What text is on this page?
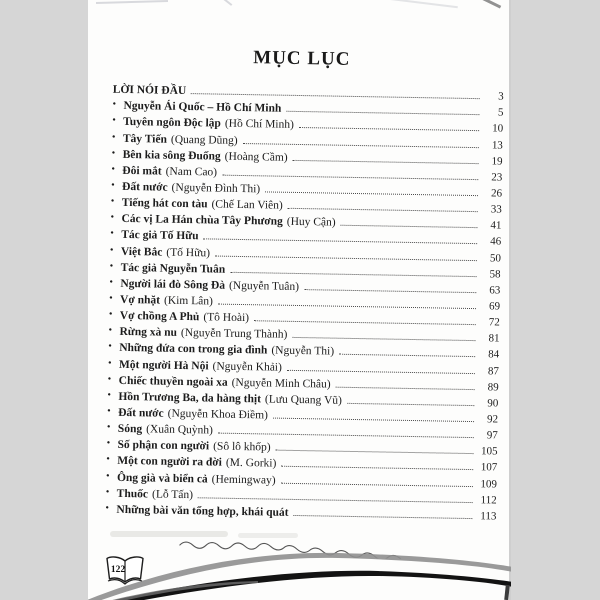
MỤC LỤC
LỜI NÓI ĐẦU	3
• Nguyễn Ái Quốc – Hồ Chí Minh	5
• Tuyên ngôn Độc lập (Hồ Chí Minh)	10
• Tây Tiến (Quang Dũng)	13
• Bên kia sông Đuống (Hoàng Cầm)	19
• Đôi mắt (Nam Cao)	23
• Đất nước (Nguyễn Đình Thi)	26
• Tiếng hát con tàu (Chế Lan Viên)	33
• Các vị La Hán chùa Tây Phương (Huy Cận)	41
• Tác giả Tố Hữu	46
• Việt Bắc (Tố Hữu)	50
• Tác giả Nguyễn Tuân	58
• Người lái đò Sông Đà (Nguyễn Tuân)	63
• Vợ nhặt (Kim Lân)	69
• Vợ chồng A Phủ (Tô Hoài)	72
• Rừng xà nu (Nguyễn Trung Thành)	81
• Những đứa con trong gia đình (Nguyễn Thi)	84
• Một người Hà Nội (Nguyễn Khải)	87
• Chiếc thuyền ngoài xa (Nguyễn Minh Châu)	89
• Hồn Trương Ba, da hàng thịt (Lưu Quang Vũ)	90
• Đất nước (Nguyễn Khoa Điềm)	92
• Sóng (Xuân Quỳnh)	97
• Số phận con người (Sô lô khốp)	105
• Một con người ra đời (M. Gorki)	107
• Ông già và biển cả (Hemingway)	109
• Thuốc (Lỗ Tấn)	112
• Những bài văn tổng hợp, khái quát	113
122
